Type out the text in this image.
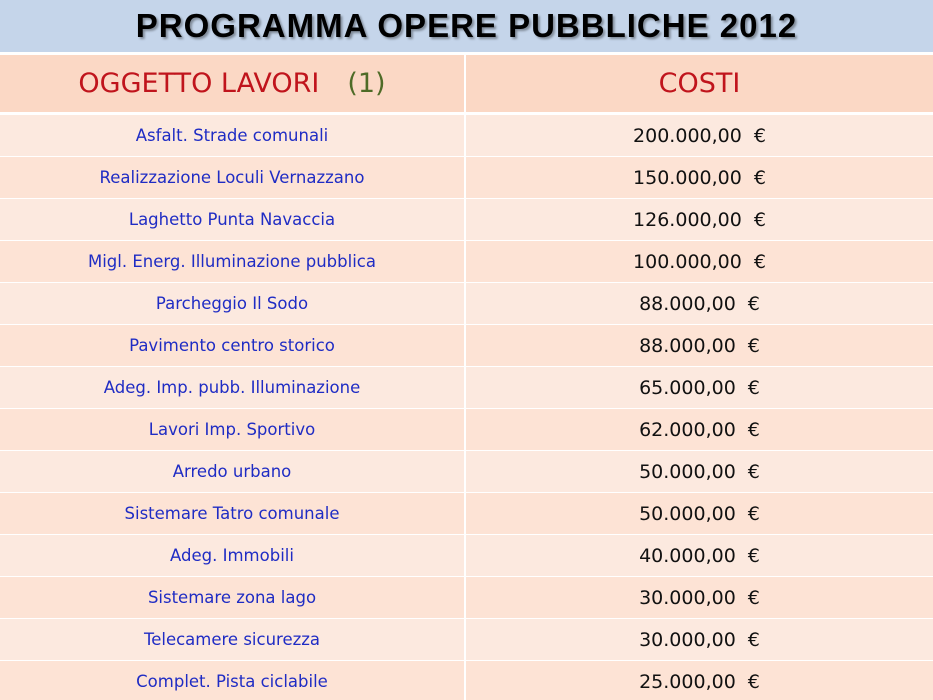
PROGRAMMA OPERE PUBBLICHE 2012
OGGETTO LAVORI (1)	COSTI
Asfalt. Strade comunali	200.000,00 €
Realizzazione Loculi Vernazzano	150.000,00 €
Laghetto Punta Navaccia	126.000,00 €
Migl. Energ. Illuminazione pubblica	100.000,00 €
Parcheggio Il Sodo	88.000,00 €
Pavimento centro storico	88.000,00 €
Adeg. Imp. pubb. Illuminazione	65.000,00 €
Lavori Imp. Sportivo	62.000,00 €
Arredo urbano	50.000,00 €
Sistemare Tatro comunale	50.000,00 €
Adeg. Immobili	40.000,00 €
Sistemare zona lago	30.000,00 €
Telecamere sicurezza	30.000,00 €
Complet. Pista ciclabile	25.000,00 €
